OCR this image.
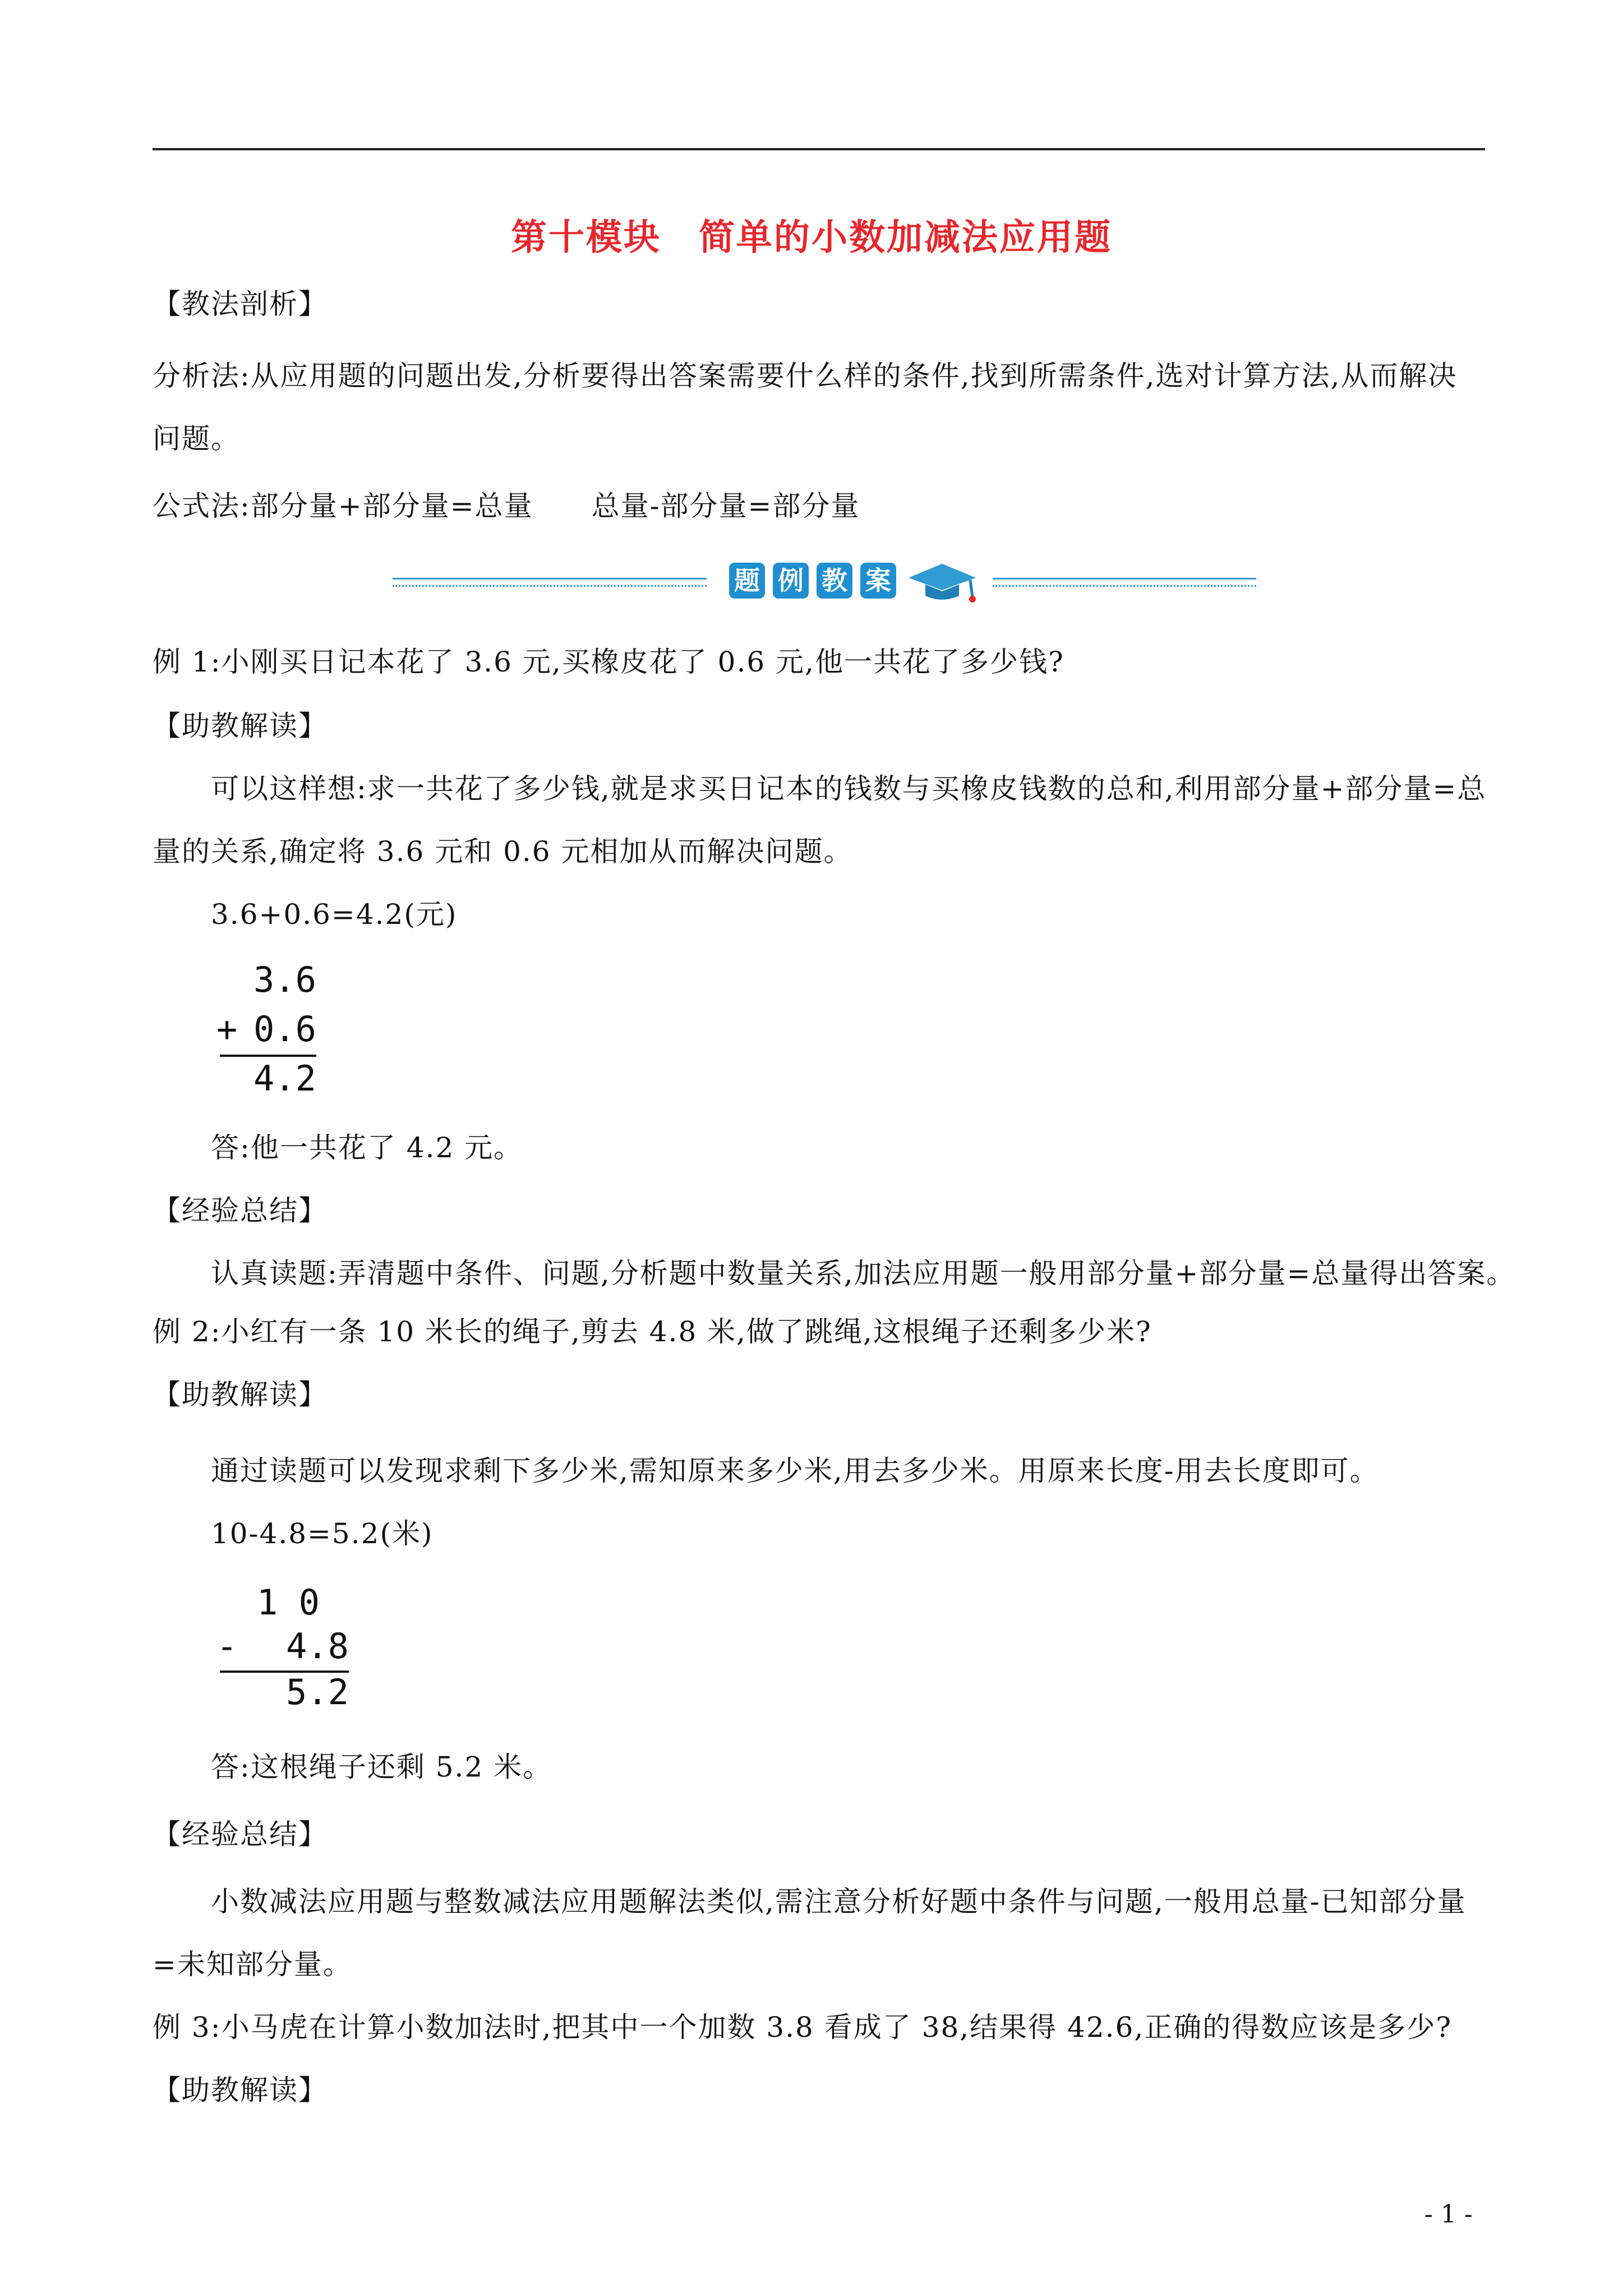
第十模块　简单的小数加减法应用题
【教法剖析】
分析法:从应用题的问题出发,分析要得出答案需要什么样的条件,找到所需条件,选对计算方法,从而解决
问题。
公式法:部分量+部分量=总量　　总量-部分量=部分量
题 例 教 案
例 1:小刚买日记本花了 3.6 元,买橡皮花了 0.6 元,他一共花了多少钱?
【助教解读】
可以这样想:求一共花了多少钱,就是求买日记本的钱数与买橡皮钱数的总和,利用部分量+部分量=总
量的关系,确定将 3.6 元和 0.6 元相加从而解决问题。
3.6+0.6=4.2(元)
3.6
+ 0.6
4.2
答:他一共花了 4.2 元。
【经验总结】
认真读题:弄清题中条件、问题,分析题中数量关系,加法应用题一般用部分量+部分量=总量得出答案。
例 2:小红有一条 10 米长的绳子,剪去 4.8 米,做了跳绳,这根绳子还剩多少米?
【助教解读】
通过读题可以发现求剩下多少米,需知原来多少米,用去多少米。用原来长度-用去长度即可。
10-4.8=5.2(米)
1 0
- 4.8
5.2
答:这根绳子还剩 5.2 米。
【经验总结】
小数减法应用题与整数减法应用题解法类似,需注意分析好题中条件与问题,一般用总量-已知部分量
=未知部分量。
例 3:小马虎在计算小数加法时,把其中一个加数 3.8 看成了 38,结果得 42.6,正确的得数应该是多少?
【助教解读】
- 1 -
